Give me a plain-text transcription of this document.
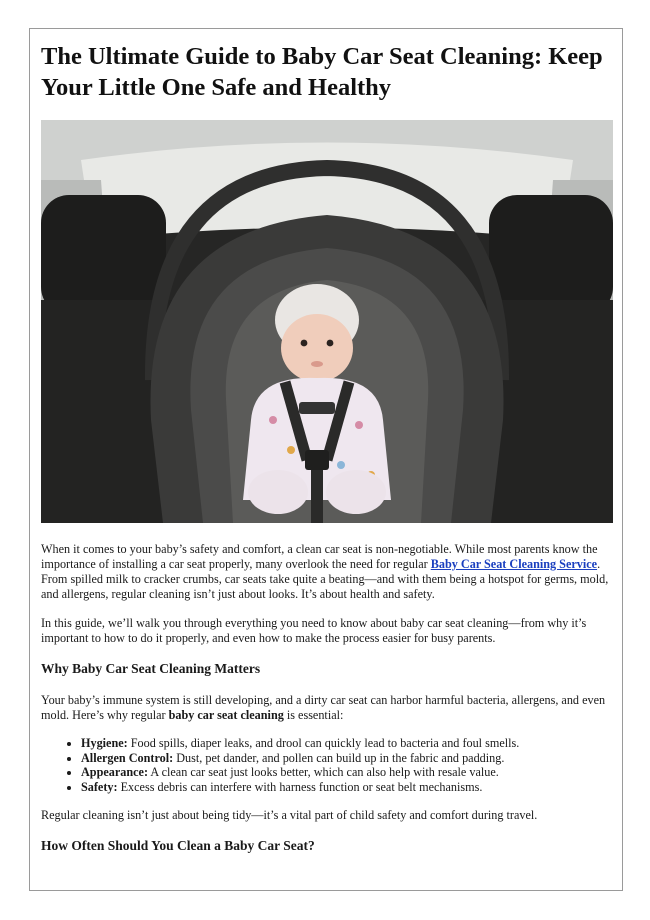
The Ultimate Guide to Baby Car Seat Cleaning: Keep Your Little One Safe and Healthy

When it comes to your baby’s safety and comfort, a clean car seat is non-negotiable. While most parents know the importance of installing a car seat properly, many overlook the need for regular Baby Car Seat Cleaning Service. From spilled milk to cracker crumbs, car seats take quite a beating—and with them being a hotspot for germs, mold, and allergens, regular cleaning isn’t just about looks. It’s about health and safety.

In this guide, we’ll walk you through everything you need to know about baby car seat cleaning—from why it’s important to how to do it properly, and even how to make the process easier for busy parents.

Why Baby Car Seat Cleaning Matters

Your baby’s immune system is still developing, and a dirty car seat can harbor harmful bacteria, allergens, and even mold. Here’s why regular baby car seat cleaning is essential:

• Hygiene: Food spills, diaper leaks, and drool can quickly lead to bacteria and foul smells.
• Allergen Control: Dust, pet dander, and pollen can build up in the fabric and padding.
• Appearance: A clean car seat just looks better, which can also help with resale value.
• Safety: Excess debris can interfere with harness function or seat belt mechanisms.

Regular cleaning isn’t just about being tidy—it’s a vital part of child safety and comfort during travel.

How Often Should You Clean a Baby Car Seat?
